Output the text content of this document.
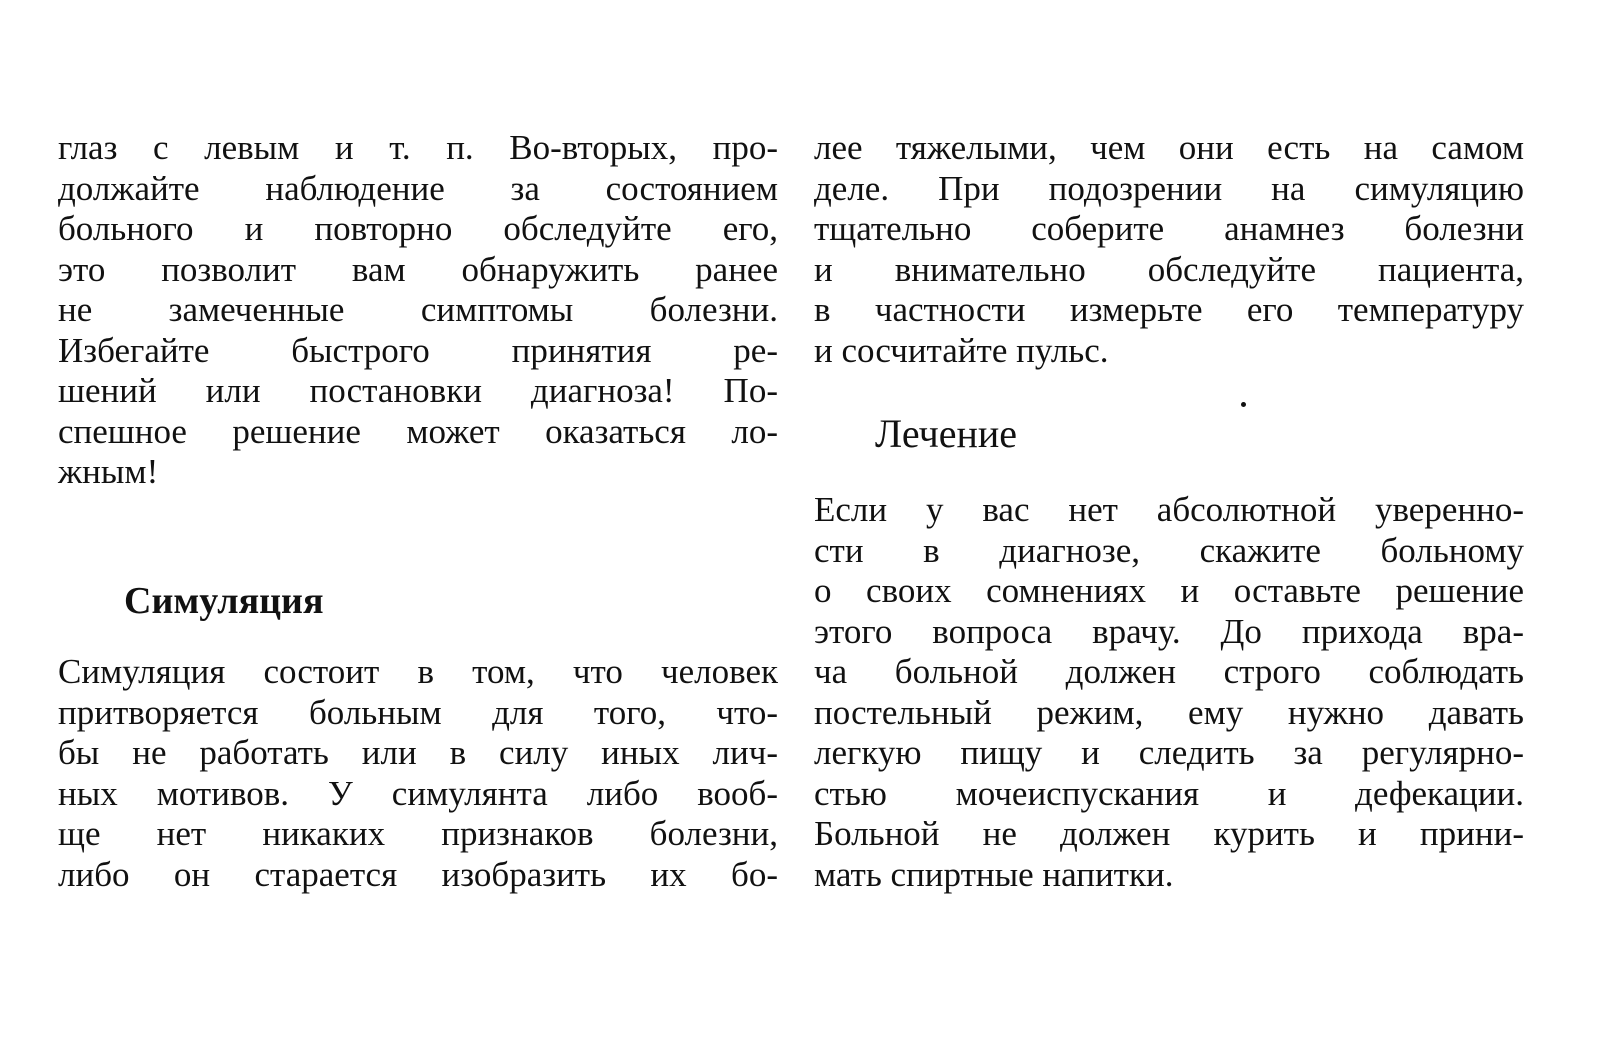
глаз с левым и т. п. Во-вторых, про-
должайте наблюдение за состоянием
больного и повторно обследуйте его,
это позволит вам обнаружить ранее
не замеченные симптомы болезни.
Избегайте быстрого принятия ре-
шений или постановки диагноза! По-
спешное решение может оказаться ло-
жным!
Симуляция
Симуляция состоит в том, что человек
притворяется больным для того, что-
бы не работать или в силу иных лич-
ных мотивов. У симулянта либо вооб-
ще нет никаких признаков болезни,
либо он старается изобразить их бо-
лее тяжелыми, чем они есть на самом
деле. При подозрении на симуляцию
тщательно соберите анамнез болезни
и внимательно обследуйте пациента,
в частности измерьте его температуру
и сосчитайте пульс.
Лечение
Если у вас нет абсолютной уверенно-
сти в диагнозе, скажите больному
о своих сомнениях и оставьте решение
этого вопроса врачу. До прихода вра-
ча больной должен строго соблюдать
постельный режим, ему нужно давать
легкую пищу и следить за регулярно-
стью мочеиспускания и дефекации.
Больной не должен курить и прини-
мать спиртные напитки.
